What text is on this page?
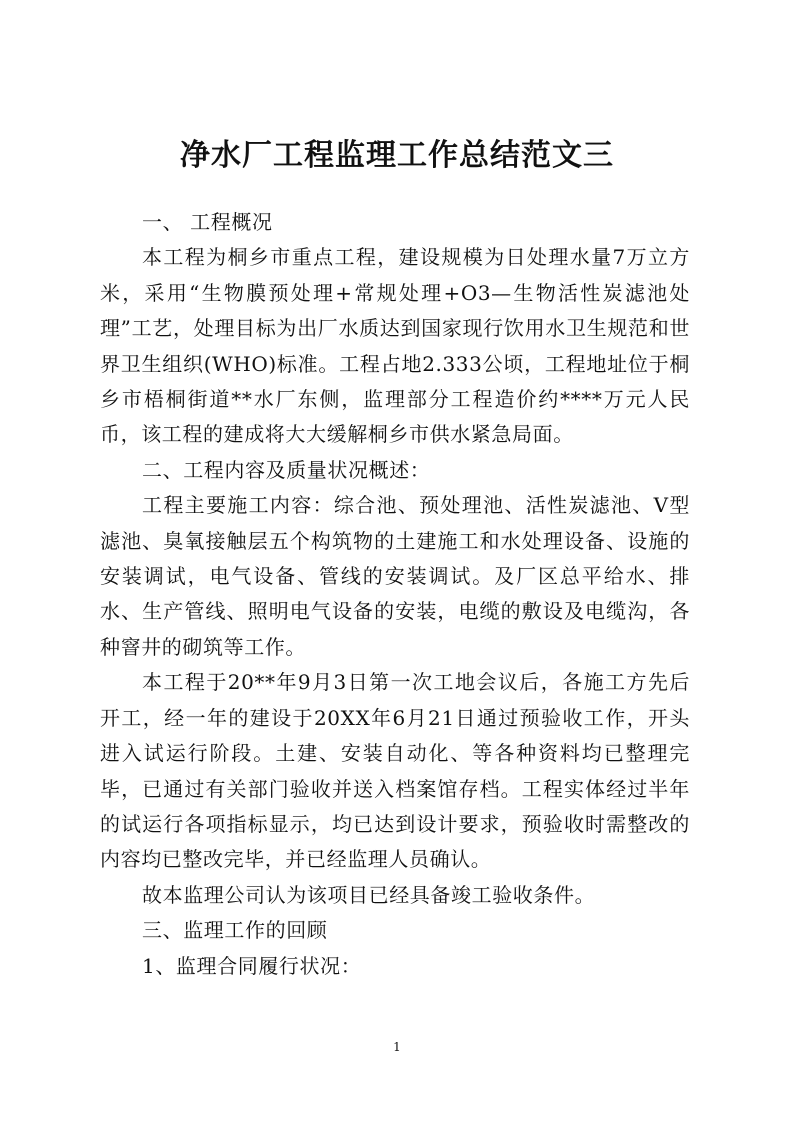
净水厂工程监理工作总结范文三

一、 工程概况

本工程为桐乡市重点工程，建设规模为日处理水量7万立方米，采用“生物膜预处理+常规处理+O3—生物活性炭滤池处理”工艺，处理目标为出厂水质达到国家现行饮用水卫生规范和世界卫生组织(WHO)标准。工程占地2.333公顷，工程地址位于桐乡市梧桐街道**水厂东侧，监理部分工程造价约****万元人民币，该工程的建成将大大缓解桐乡市供水紧急局面。

二、工程内容及质量状况概述：

工程主要施工内容：综合池、预处理池、活性炭滤池、V型滤池、臭氧接触层五个构筑物的土建施工和水处理设备、设施的安装调试，电气设备、管线的安装调试。及厂区总平给水、排水、生产管线、照明电气设备的安装，电缆的敷设及电缆沟，各种窨井的砌筑等工作。

本工程于20**年9月3日第一次工地会议后，各施工方先后开工，经一年的建设于20XX年6月21日通过预验收工作，开头进入试运行阶段。土建、安装自动化、等各种资料均已整理完毕，已通过有关部门验收并送入档案馆存档。工程实体经过半年的试运行各项指标显示，均已达到设计要求，预验收时需整改的内容均已整改完毕，并已经监理人员确认。

故本监理公司认为该项目已经具备竣工验收条件。

三、监理工作的回顾

1、监理合同履行状况：

1
